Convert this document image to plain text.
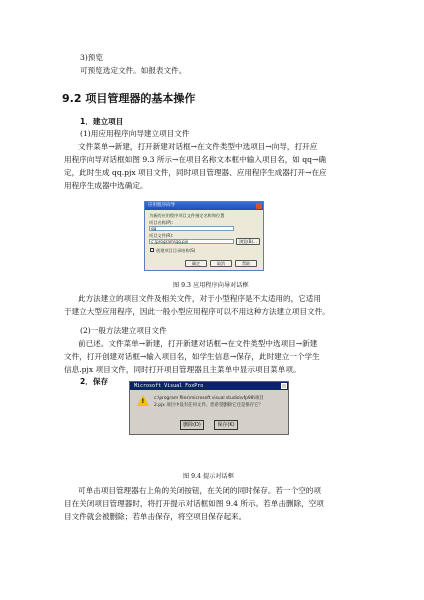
3)预览
可预览选定文件。如报表文件。
9.2 项目管理器的基本操作
1．建立项目
(1)用应用程序向导建立项目文件
文件菜单→新建，打开新建对话框→在文件类型中选项目→向导，打开应
用程序向导对话框如图 9.3 所示→在项目名称文本框中输入项目名，如 qq→确
定，此时生成 qq.pjx 项目文件，同时项目管理器、应用程序生成器打开→在应
用程序生成器中选确定。
应用程序向导
为新的应用程序项目文件指定名称和位置
项目名称(P):
qq
项目文件(R):
c:\program\qq.pjx	浏览(B)...
创建项目目录结构(S)
确定	取消	帮助
图 9.3 应用程序向导对话框
此方法建立的项目文件及相关文件，对于小型程序是不太适用的，它适用
于建立大型应用程序，因此一般小型应用程序可以不用这种方法建立项目文件。
(2)一般方法建立项目文件
前已述。文件菜单→新建，打开新建对话框→在文件类型中选项目→新建
文件，打开创建对话框→输入项目名，如学生信息→保存，此时建立一个学生
信息.pjx 项目文件，同时打开项目管理器且主菜单中显示项目菜单项。
2．保存	Microsoft Visual FoxPro
! c:\program files\microsoft visual studio\vfp98\项目
2.pjx 项目中没有任何文件。您希望删除它还是保存它？
删除(D)	保存(K)
图 9.4 提示对话框
可单击项目管理器右上角的关闭按钮，在关闭的同时保存。若一个空的项
目在关闭项目管理器时，将打开提示对话框如图 9.4 所示。若单击删除，空项
目文件就会被删除；若单击保存，将空项目保存起来。
